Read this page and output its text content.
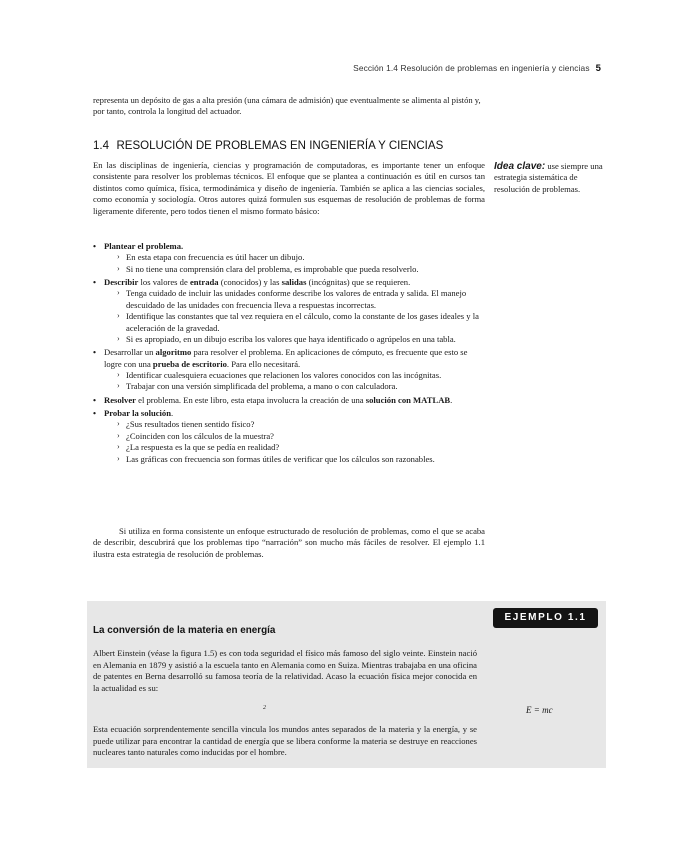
Sección 1.4 Resolución de problemas en ingeniería y ciencias 5
representa un depósito de gas a alta presión (una cámara de admisión) que eventualmente se alimenta al pistón y, por tanto, controla la longitud del actuador.
1.4 RESOLUCIÓN DE PROBLEMAS EN INGENIERÍA Y CIENCIAS
En las disciplinas de ingeniería, ciencias y programación de computadoras, es importante tener un enfoque consistente para resolver los problemas técnicos. El enfoque que se plantea a continuación es útil en cursos tan distintos como química, física, termodinámica y diseño de ingeniería. También se aplica a las ciencias sociales, como economía y sociología. Otros autores quizá formulen sus esquemas de resolución de problemas de forma ligeramente diferente, pero todos tienen el mismo formato básico:
Idea clave: use siempre una estrategia sistemática de resolución de problemas.
• Plantear el problema.
› En esta etapa con frecuencia es útil hacer un dibujo.
› Si no tiene una comprensión clara del problema, es improbable que pueda resolverlo.
• Describir los valores de entrada (conocidos) y las salidas (incógnitas) que se requieren.
› Tenga cuidado de incluir las unidades conforme describe los valores de entrada y salida. El manejo descuidado de las unidades con frecuencia lleva a respuestas incorrectas.
› Identifique las constantes que tal vez requiera en el cálculo, como la constante de los gases ideales y la aceleración de la gravedad.
› Si es apropiado, en un dibujo escriba los valores que haya identificado o agrúpelos en una tabla.
• Desarrollar un algoritmo para resolver el problema. En aplicaciones de cómputo, es frecuente que esto se logre con una prueba de escritorio. Para ello necesitará.
› Identificar cualesquiera ecuaciones que relacionen los valores conocidos con las incógnitas.
› Trabajar con una versión simplificada del problema, a mano o con calculadora.
• Resolver el problema. En este libro, esta etapa involucra la creación de una solución con MATLAB.
• Probar la solución.
› ¿Sus resultados tienen sentido físico?
› ¿Coinciden con los cálculos de la muestra?
› ¿La respuesta es la que se pedía en realidad?
› Las gráficas con frecuencia son formas útiles de verificar que los cálculos son razonables.
Si utiliza en forma consistente un enfoque estructurado de resolución de problemas, como el que se acaba de describir, descubrirá que los problemas tipo “narración” son mucho más fáciles de resolver. El ejemplo 1.1 ilustra esta estrategia de resolución de problemas.
EJEMPLO 1.1
La conversión de la materia en energía
Albert Einstein (véase la figura 1.5) es con toda seguridad el físico más famoso del siglo veinte. Einstein nació en Alemania en 1879 y asistió a la escuela tanto en Alemania como en Suiza. Mientras trabajaba en una oficina de patentes en Berna desarrolló su famosa teoría de la relatividad. Acaso la ecuación física mejor conocida en la actualidad es su:
E = mc
$^2$
Esta ecuación sorprendentemente sencilla vincula los mundos antes separados de la materia y la energía, y se puede utilizar para encontrar la cantidad de energía que se libera conforme la materia se destruye en reacciones nucleares tanto naturales como inducidas por el hombre.
